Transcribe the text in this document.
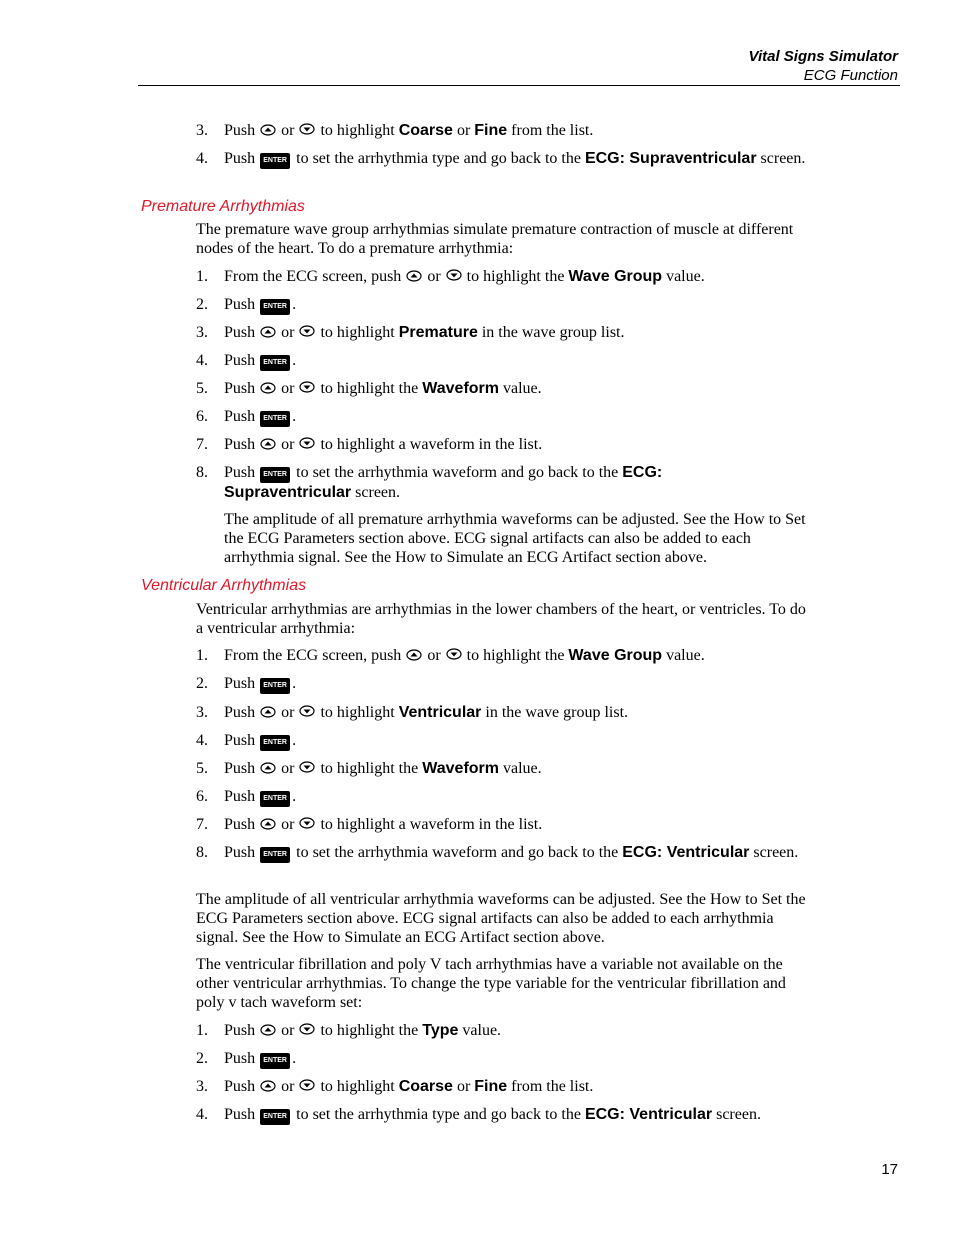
Vital Signs Simulator
ECG Function
3. Push or to highlight Coarse or Fine from the list.
4. Push ENTER to set the arrhythmia type and go back to the ECG: Supraventricular screen.
Premature Arrhythmias
The premature wave group arrhythmias simulate premature contraction of muscle at different nodes of the heart. To do a premature arrhythmia:
1. From the ECG screen, push or to highlight the Wave Group value.
2. Push ENTER .
3. Push or to highlight Premature in the wave group list.
4. Push ENTER .
5. Push or to highlight the Waveform value.
6. Push ENTER .
7. Push or to highlight a waveform in the list.
8. Push ENTER to set the arrhythmia waveform and go back to the ECG: Supraventricular screen.
The amplitude of all premature arrhythmia waveforms can be adjusted. See the How to Set the ECG Parameters section above. ECG signal artifacts can also be added to each arrhythmia signal. See the How to Simulate an ECG Artifact section above.
Ventricular Arrhythmias
Ventricular arrhythmias are arrhythmias in the lower chambers of the heart, or ventricles. To do a ventricular arrhythmia:
1. From the ECG screen, push or to highlight the Wave Group value.
2. Push ENTER .
3. Push or to highlight Ventricular in the wave group list.
4. Push ENTER .
5. Push or to highlight the Waveform value.
6. Push ENTER .
7. Push or to highlight a waveform in the list.
8. Push ENTER to set the arrhythmia waveform and go back to the ECG: Ventricular screen.
The amplitude of all ventricular arrhythmia waveforms can be adjusted. See the How to Set the ECG Parameters section above. ECG signal artifacts can also be added to each arrhythmia signal. See the How to Simulate an ECG Artifact section above.
The ventricular fibrillation and poly V tach arrhythmias have a variable not available on the other ventricular arrhythmias. To change the type variable for the ventricular fibrillation and poly v tach waveform set:
1. Push or to highlight the Type value.
2. Push ENTER .
3. Push or to highlight Coarse or Fine from the list.
4. Push ENTER to set the arrhythmia type and go back to the ECG: Ventricular screen.
17
